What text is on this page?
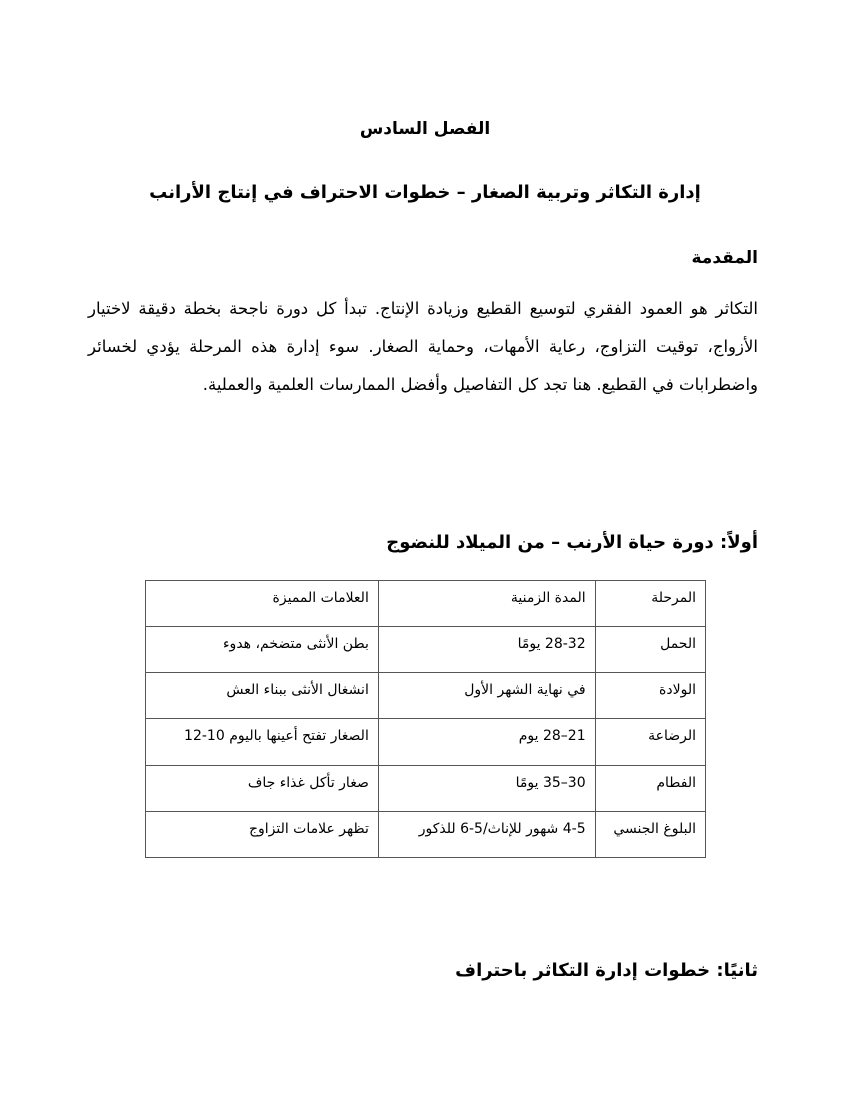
الفصل السادس
إدارة التكاثر وتربية الصغار – خطوات الاحتراف في إنتاج الأرانب
المقدمة

التكاثر هو العمود الفقري لتوسيع القطيع وزيادة الإنتاج. تبدأ كل دورة ناجحة بخطة دقيقة لاختيار الأزواج، توقيت التزاوج، رعاية الأمهات، وحماية الصغار. سوء إدارة هذه المرحلة يؤدي لخسائر واضطرابات في القطيع. هنا تجد كل التفاصيل وأفضل الممارسات العلمية والعملية.

أولاً: دورة حياة الأرنب – من الميلاد للنضوج
المرحلة	المدة الزمنية	العلامات المميزة
الحمل	28-32 يومًا	بطن الأنثى متضخم، هدوء
الولادة	في نهاية الشهر الأول	انشغال الأنثى ببناء العش
الرضاعة	21–28 يوم	الصغار تفتح أعينها باليوم 10-12
الفطام	30–35 يومًا	صغار تأكل غذاء جاف
البلوغ الجنسي	4-5 شهور للإناث/5-6 للذكور	تظهر علامات التزاوج
ثانيًا: خطوات إدارة التكاثر باحتراف
